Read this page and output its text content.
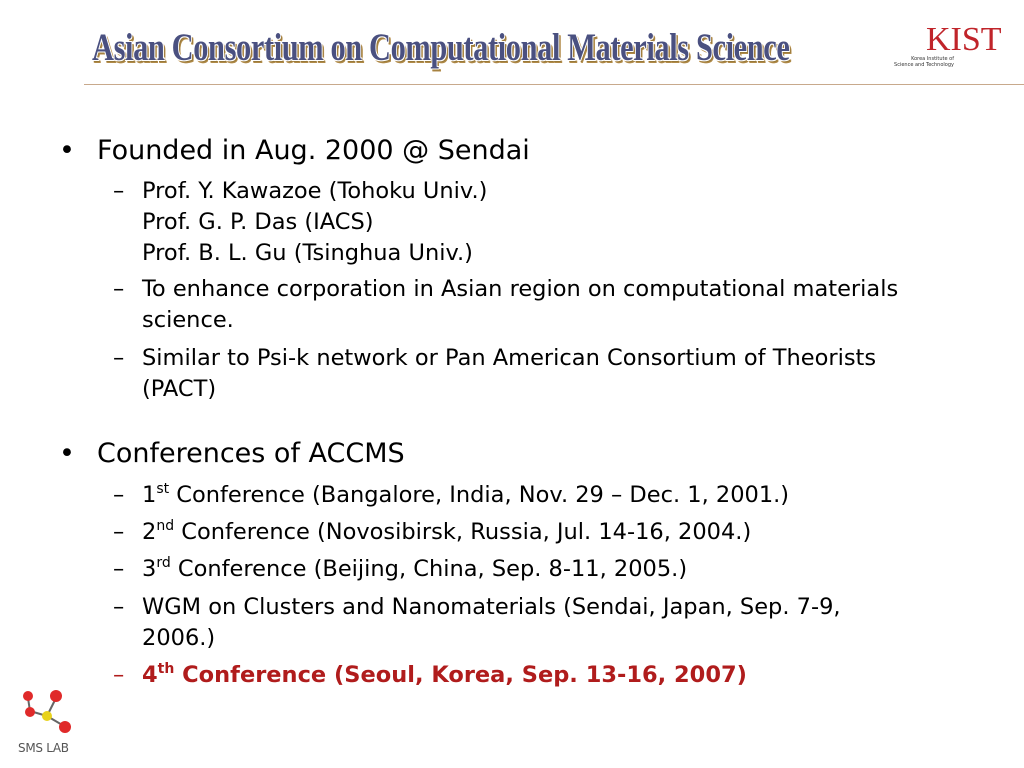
Asian Consortium on Computational Materials Science	KIST
Korea Institute of
Science and Technology
• Founded in Aug. 2000 @ Sendai
– Prof. Y. Kawazoe (Tohoku Univ.)
Prof. G. P. Das (IACS)
Prof. B. L. Gu (Tsinghua Univ.)
– To enhance corporation in Asian region on computational materials
science.
– Similar to Psi-k network or Pan American Consortium of Theorists
(PACT)
• Conferences of ACCMS
– 1st Conference (Bangalore, India, Nov. 29 – Dec. 1, 2001.)
– 2nd Conference (Novosibirsk, Russia, Jul. 14-16, 2004.)
– 3rd Conference (Beijing, China, Sep. 8-11, 2005.)
– WGM on Clusters and Nanomaterials (Sendai, Japan, Sep. 7-9,
2006.)
– 4th Conference (Seoul, Korea, Sep. 13-16, 2007)
SMS LAB
